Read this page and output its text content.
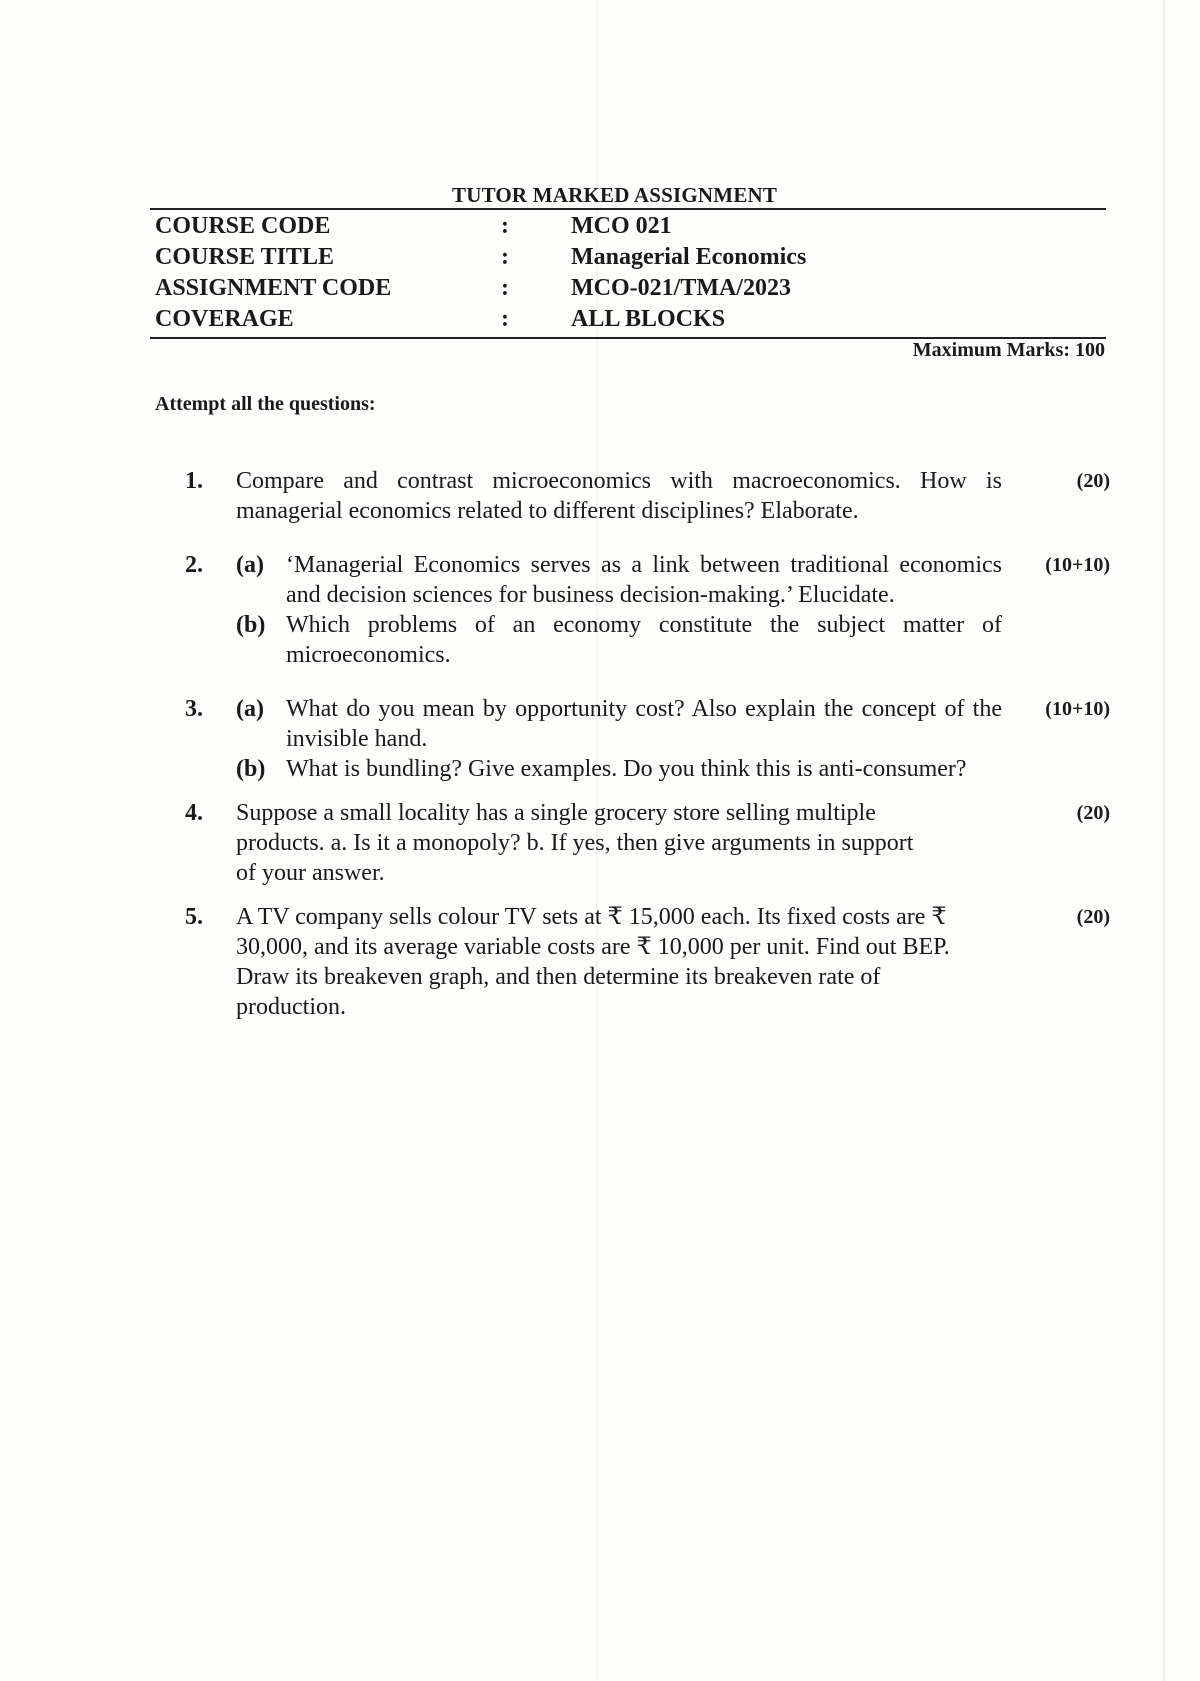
TUTOR MARKED ASSIGNMENT
COURSE CODE	:	MCO 021
COURSE TITLE	:	Managerial Economics
ASSIGNMENT CODE	:	MCO-021/TMA/2023
COVERAGE	:	ALL BLOCKS
Maximum Marks: 100
Attempt all the questions:
1. Compare and contrast microeconomics with macroeconomics. How is managerial economics related to different disciplines? Elaborate.
(20)
2. (a) ‘Managerial Economics serves as a link between traditional economics and decision sciences for business decision-making.’ Elucidate.
(b) Which problems of an economy constitute the subject matter of microeconomics.
(10+10)
3. (a) What do you mean by opportunity cost? Also explain the concept of the invisible hand.
(b) What is bundling? Give examples. Do you think this is anti-consumer?
(10+10)
4. Suppose a small locality has a single grocery store selling multiple products. a. Is it a monopoly? b. If yes, then give arguments in support of your answer.
(20)
5. A TV company sells colour TV sets at ₹ 15,000 each. Its fixed costs are ₹ 30,000, and its average variable costs are ₹ 10,000 per unit. Find out BEP. Draw its breakeven graph, and then determine its breakeven rate of production.
(20)
